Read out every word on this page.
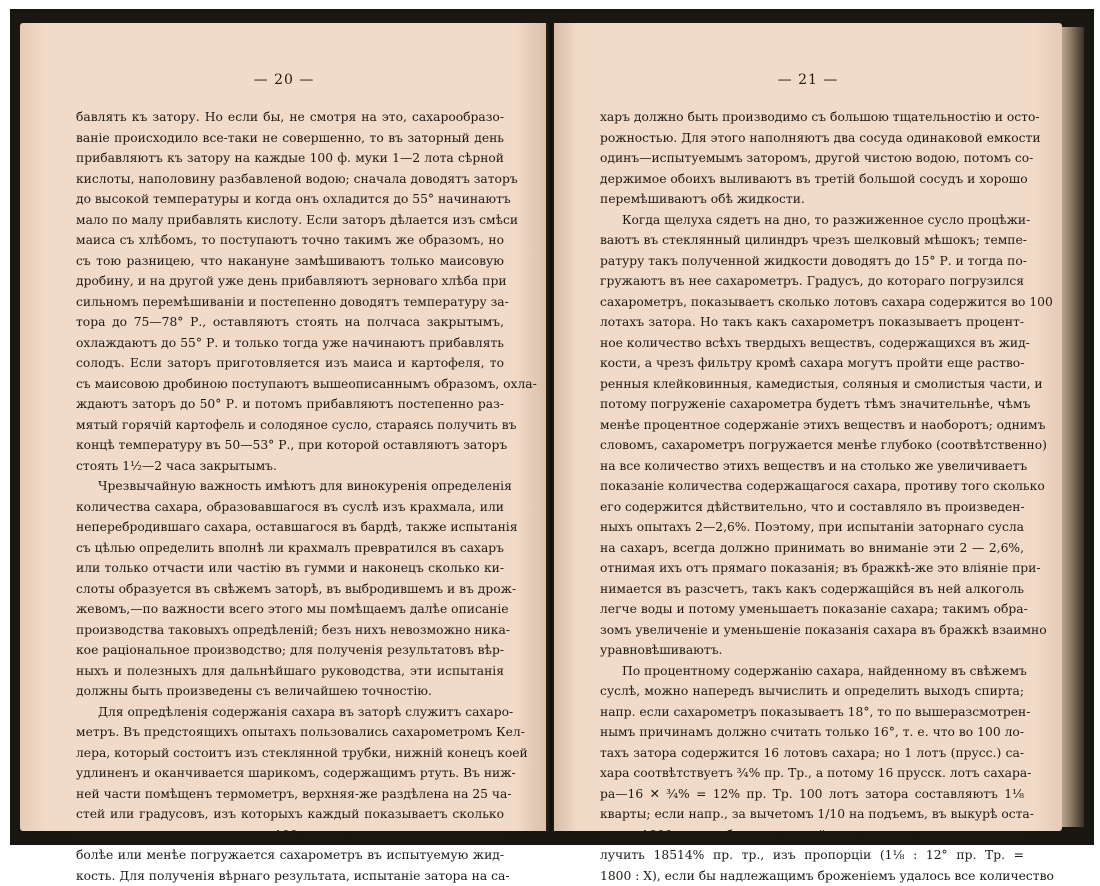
— 20 —
бавлять къ затору. Но если бы, не смотря на это, сахарообразо-
ванiе происходило все-таки не совершенно, то въ заторный день
прибавляютъ къ затору на каждые 100 ф. муки 1—2 лота сѣрной
кислоты, наполовину разбавленой водою; сначала доводятъ заторъ
до высокой температуры и когда онъ охладится до 55° начинаютъ
мало по малу прибавлять кислоту. Если заторъ дѣлается изъ смѣси
маиса съ хлѣбомъ, то поступаютъ точно такимъ же образомъ, но
съ тою разницею, что накануне замѣшиваютъ только маисовую
дробину, и на другой уже день прибавляютъ зерноваго хлѣба при
сильномъ перемѣшиванiи и постепенно доводятъ температуру за-
тора до 75—78° Р., оставляютъ стоять на полчаса закрытымъ,
охлаждаютъ до 55° Р. и только тогда уже начинаютъ прибавлять
солодъ. Если заторъ приготовляется изъ маиса и картофеля, то
съ маисовою дробиною поступаютъ вышеописаннымъ образомъ, охла-
ждаютъ заторъ до 50° Р. и потомъ прибавляютъ постепенно раз-
мятый горячiй картофель и солодяное сусло, стараясь получить въ
концѣ температуру въ 50—53° Р., при которой оставляютъ заторъ
стоять 1½—2 часа закрытымъ.
Чрезвычайную важность имѣютъ для винокуренiя определенiя
количества сахара, образовавшагося въ суслѣ изъ крахмала, или
неперебродившаго сахара, оставшагося въ бардѣ, также испытанiя
съ цѣлью определить вполнѣ ли крахмалъ превратился въ сахаръ
или только отчасти или частiю въ гумми и наконецъ сколько ки-
слоты образуется въ свѣжемъ заторѣ, въ выбродившемъ и въ дрож-
жевомъ,—по важности всего этого мы помѣщаемъ далѣе описанiе
производства таковыхъ опредѣленiй; безъ нихъ невозможно ника-
кое рацiональное производство; для полученiя результатовъ вѣр-
ныхъ и полезныхъ для дальнѣйшаго руководства, эти испытанiя
должны быть произведены съ величайшею точностiю.
Для опредѣленiя содержанiя сахара въ заторѣ служитъ сахаро-
метръ. Въ предстоящихъ опытахъ пользовались сахарометромъ Кел-
лера, который состоитъ изъ стеклянной трубки, нижнiй конецъ коей
удлиненъ и оканчивается шарикомъ, содержащимъ ртуть. Въ ниж-
ней части помѣщенъ термометръ, верхняя-же раздѣлена на 25 ча-
стей или градусовъ, изъ которыхъ каждый показываетъ сколько
лотовъ сахара содержится во 100 лотахъ затора, смотря потому,
болѣе или менѣе погружается сахарометръ въ испытуемую жид-
кость. Для полученiя вѣрнаго результата, испытанiе затора на са-
— 21 —
харъ должно быть производимо съ большою тщательностiю и осто-
рожностью. Для этого наполняютъ два сосуда одинаковой емкости
одинъ—испытуемымъ заторомъ, другой чистою водою, потомъ со-
держимое обоихъ выливаютъ въ третiй большой сосудъ и хорошо
перемѣшиваютъ обѣ жидкости.
Когда щелуха сядетъ на дно, то разжиженное сусло процѣжи-
ваютъ въ стеклянный цилиндръ чрезъ шелковый мѣшокъ; темпе-
ратуру такъ полученной жидкости доводятъ до 15° Р. и тогда по-
гружаютъ въ нее сахарометръ. Градусъ, до котораго погрузился
сахарометръ, показываетъ сколько лотовъ сахара содержится во 100
лотахъ затора. Но такъ какъ сахарометръ показываетъ процент-
ное количество всѣхъ твердыхъ веществъ, содержащихся въ жид-
кости, а чрезъ фильтру кромѣ сахара могутъ пройти еще раство-
ренныя клейковинныя, камедистыя, соляныя и смолистыя части, и
потому погруженiе сахарометра будетъ тѣмъ значительнѣе, чѣмъ
менѣе процентное содержанiе этихъ веществъ и наоборотъ; однимъ
словомъ, сахарометръ погружается менѣе глубоко (соотвѣтственно)
на все количество этихъ веществъ и на столько же увеличиваетъ
показанiе количества содержащагося сахара, противу того сколько
его содержится дѣйствительно, что и составляло въ произведен-
ныхъ опытахъ 2—2,6%. Поэтому, при испытанiи заторнаго сусла
на сахаръ, всегда должно принимать во вниманiе эти 2 — 2,6%,
отнимая ихъ отъ прямаго показанiя; въ бражкѣ-же это влiянiе при-
нимается въ разсчетъ, такъ какъ содержащiйся въ ней алкоголь
легче воды и потому уменьшаетъ показанiе сахара; такимъ обра-
зомъ увеличенiе и уменьшенiе показанiя сахара въ бражкѣ взаимно
уравновѣшиваютъ.
По процентному содержанiю сахара, найденному въ свѣжемъ
суслѣ, можно напередъ вычислить и определить выходъ спирта;
напр. если сахарометръ показываетъ 18°, то по вышеразсмотрен-
нымъ причинамъ должно считать только 16°, т. е. что во 100 ло-
тахъ затора содержится 16 лотовъ сахара; но 1 лотъ (прусс.) са-
хара соотвѣтствуетъ ¾% пр. Тр., а потому 16 прусск. лотъ сахара-
ра—16 ✕ ¾% = 12% пр. Тр. 100 лотъ затора составляютъ 1⅛
кварты; если напр., за вычетомъ 1/10 на подъемъ, въ выкурѣ оста-
нется 1800 квартъ бражки, то найдемъ что изъ этого можно по-
лучить 18514% пр. тр., изъ пропорцiи (1⅛ : 12° пр. Тр. =
1800 : X), если бы надлежащимъ броженiемъ удалось все количество
